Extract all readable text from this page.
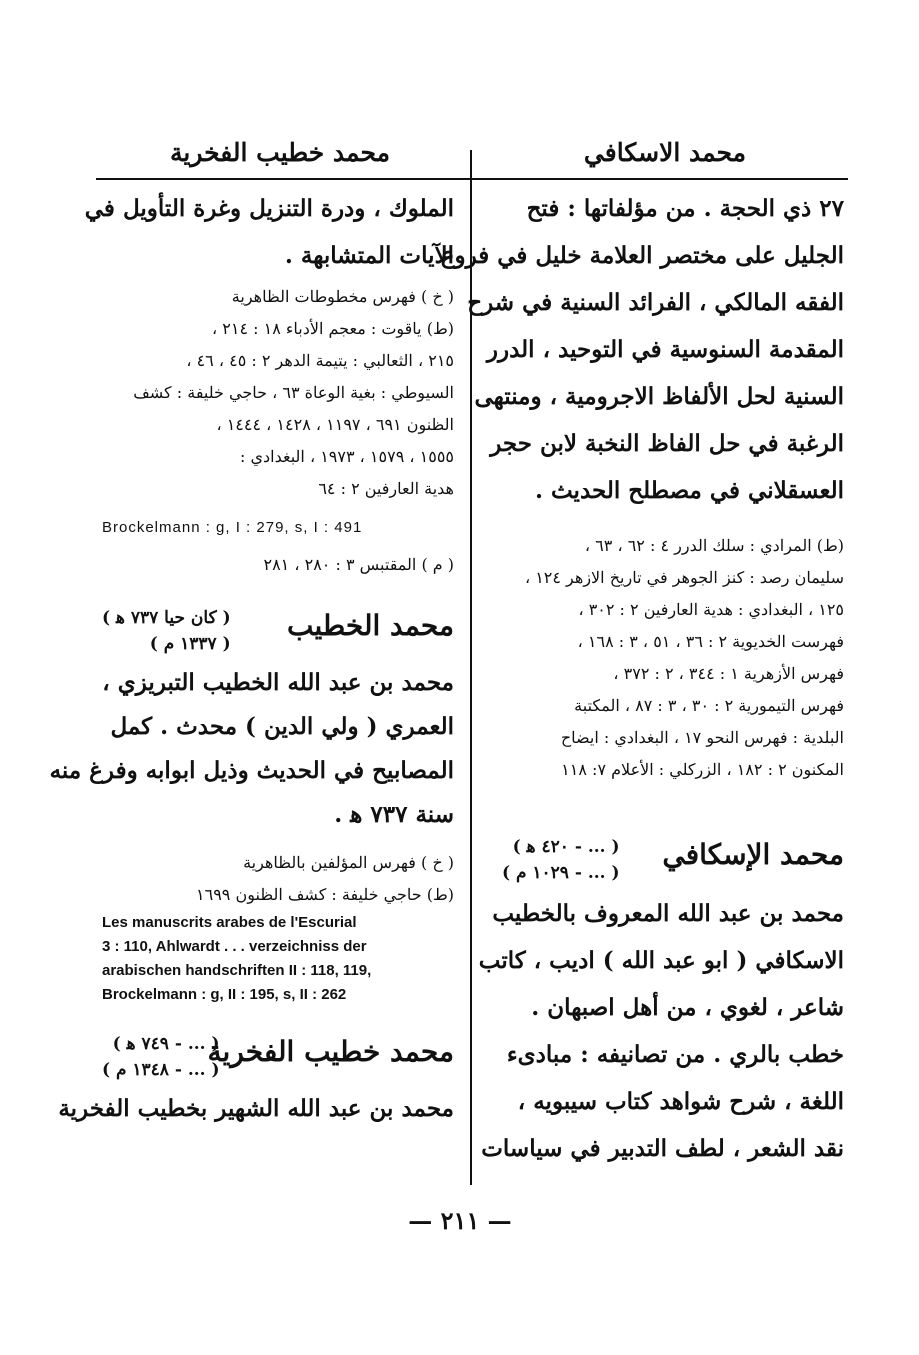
محمد خطيب الفخرية	محمد الاسكافي
الملوك ، ودرة التنزيل وغرة التأويل في
الآيات المتشابهة .
( خ ) فهرس مخطوطات الظاهرية
(ط) ياقوت : معجم الأدباء ١٨ : ٢١٤ ،
٢١٥ ، الثعالبي : يتيمة الدهر ٢ : ٤٥ ، ٤٦ ،
السيوطي : بغية الوعاة ٦٣ ، حاجي خليفة : كشف
الظنون ٦٩١ ، ١١٩٧ ، ١٤٢٨ ، ١٤٤٤ ،
١٥٥٥ ، ١٥٧٩ ، ١٩٧٣ ، البغدادي :
هدية العارفين ٢ : ٦٤
Brockelmann : g, I : 279, s, I : 491
( م ) المقتبس ٣ : ٢٨٠ ، ٢٨١
محمد الخطيب
( كان حيا ٧٣٧ ﻫ )
( ١٣٣٧ م )
محمد بن عبد الله الخطيب التبريزي ،
العمري ( ولي الدين ) محدث . كمل
المصابيح في الحديث وذيل ابوابه وفرغ منه
سنة ٧٣٧ ﻫ .
( خ ) فهرس المؤلفين بالظاهرية
(ط) حاجي خليفة : كشف الظنون ١٦٩٩
Les manuscrits arabes de l'Escurial
3 : 110, Ahlwardt . . . verzeichniss der
arabischen handschriften II : 118, 119,
Brockelmann : g, II : 195, s, II : 262
محمد خطيب الفخرية
( ... - ٧٤٩ ﻫ )
( ... - ١٣٤٨ م )
محمد بن عبد الله الشهير بخطيب الفخرية
٢٧ ذي الحجة . من مؤلفاتها : فتح
الجليل على مختصر العلامة خليل في فروع
الفقه المالكي ، الفرائد السنية في شرح
المقدمة السنوسية في التوحيد ، الدرر
السنية لحل الألفاظ الاجرومية ، ومنتهى
الرغبة في حل الفاظ النخبة لابن حجر
العسقلاني في مصطلح الحديث .
(ط) المرادي : سلك الدرر ٤ : ٦٢ ، ٦٣ ،
سليمان رصد : كنز الجوهر في تاريخ الازهر ١٢٤ ،
١٢٥ ، البغدادي : هدية العارفين ٢ : ٣٠٢ ،
فهرست الخديوية ٢ : ٣٦ ، ٥١ ، ٣ : ١٦٨ ،
فهرس الأزهرية ١ : ٣٤٤ ، ٢ : ٣٧٢ ،
فهرس التيمورية ٢ : ٣٠ ، ٣ : ٨٧ ، المكتبة
البلدية : فهرس النحو ١٧ ، البغدادي : ايضاح
المكنون ٢ : ١٨٢ ، الزركلي : الأعلام ٧: ١١٨
محمد الإسكافي
( ... - ٤٢٠ ﻫ )
( ... - ١٠٢٩ م )
محمد بن عبد الله المعروف بالخطيب
الاسكافي ( ابو عبد الله ) اديب ، كاتب
شاعر ، لغوي ، من أهل اصبهان .
خطب بالري . من تصانيفه : مبادىء
اللغة ، شرح شواهد كتاب سيبويه ،
نقد الشعر ، لطف التدبير في سياسات
— ٢١١ —
